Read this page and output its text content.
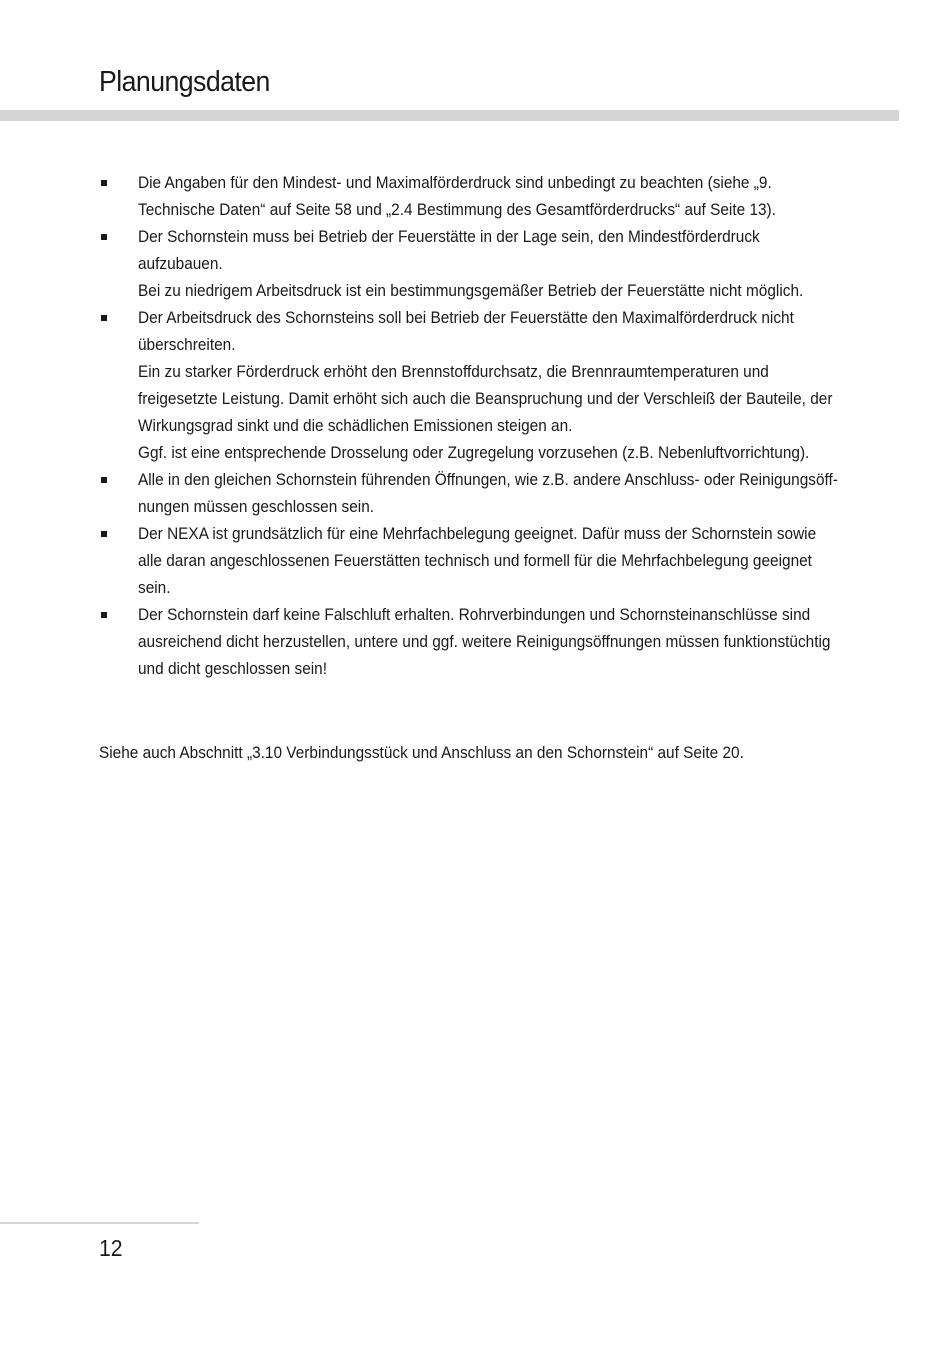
Planungsdaten
Die Angaben für den Mindest- und Maximalförderdruck sind unbedingt zu beachten (siehe „9.
Technische Daten“ auf Seite 58 und „2.4 Bestimmung des Gesamtförderdrucks“ auf Seite 13).
Der Schornstein muss bei Betrieb der Feuerstätte in der Lage sein, den Mindestförderdruck
aufzubauen.
Bei zu niedrigem Arbeitsdruck ist ein bestimmungsgemäßer Betrieb der Feuerstätte nicht möglich.
Der Arbeitsdruck des Schornsteins soll bei Betrieb der Feuerstätte den Maximalförderdruck nicht
überschreiten.
Ein zu starker Förderdruck erhöht den Brennstoffdurchsatz, die Brennraumtemperaturen und
freigesetzte Leistung. Damit erhöht sich auch die Beanspruchung und der Verschleiß der Bauteile, der
Wirkungsgrad sinkt und die schädlichen Emissionen steigen an.
Ggf. ist eine entsprechende Drosselung oder Zugregelung vorzusehen (z.B. Nebenluftvorrichtung).
Alle in den gleichen Schornstein führenden Öffnungen, wie z.B. andere Anschluss- oder Reinigungsöff-
nungen müssen geschlossen sein.
Der NEXA ist grundsätzlich für eine Mehrfachbelegung geeignet. Dafür muss der Schornstein sowie
alle daran angeschlossenen Feuerstätten technisch und formell für die Mehrfachbelegung geeignet
sein.
Der Schornstein darf keine Falschluft erhalten. Rohrverbindungen und Schornsteinanschlüsse sind
ausreichend dicht herzustellen, untere und ggf. weitere Reinigungsöffnungen müssen funktionstüchtig
und dicht geschlossen sein!
Siehe auch Abschnitt „3.10 Verbindungsstück und Anschluss an den Schornstein“ auf Seite 20.
12
